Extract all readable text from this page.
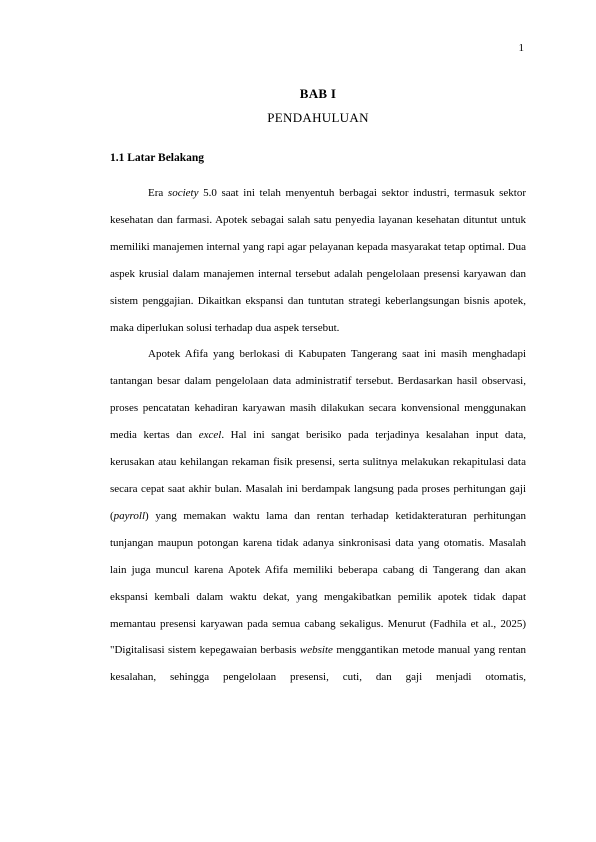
1
BAB I
PENDAHULUAN
1.1 Latar Belakang

Era society 5.0 saat ini telah menyentuh berbagai sektor industri, termasuk sektor kesehatan dan farmasi. Apotek sebagai salah satu penyedia layanan kesehatan dituntut untuk memiliki manajemen internal yang rapi agar pelayanan kepada masyarakat tetap optimal. Dua aspek krusial dalam manajemen internal tersebut adalah pengelolaan presensi karyawan dan sistem penggajian. Dikaitkan ekspansi dan tuntutan strategi keberlangsungan bisnis apotek, maka diperlukan solusi terhadap dua aspek tersebut.

Apotek Afifa yang berlokasi di Kabupaten Tangerang saat ini masih menghadapi tantangan besar dalam pengelolaan data administratif tersebut. Berdasarkan hasil observasi, proses pencatatan kehadiran karyawan masih dilakukan secara konvensional menggunakan media kertas dan excel. Hal ini sangat berisiko pada terjadinya kesalahan input data, kerusakan atau kehilangan rekaman fisik presensi, serta sulitnya melakukan rekapitulasi data secara cepat saat akhir bulan. Masalah ini berdampak langsung pada proses perhitungan gaji (payroll) yang memakan waktu lama dan rentan terhadap ketidakteraturan perhitungan tunjangan maupun potongan karena tidak adanya sinkronisasi data yang otomatis. Masalah lain juga muncul karena Apotek Afifa memiliki beberapa cabang di Tangerang dan akan ekspansi kembali dalam waktu dekat, yang mengakibatkan pemilik apotek tidak dapat memantau presensi karyawan pada semua cabang sekaligus. Menurut (Fadhila et al., 2025) "Digitalisasi sistem kepegawaian berbasis website menggantikan metode manual yang rentan kesalahan, sehingga pengelolaan presensi, cuti, dan gaji menjadi otomatis,
